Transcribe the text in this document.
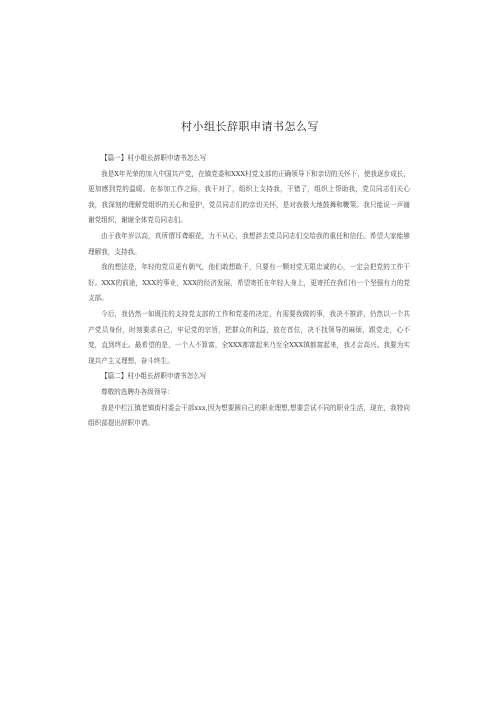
村小组长辞职申请书怎么写

【篇一】村小组长辞职申请书怎么写

我是X年光荣的加入中国共产党，在镇党委和XXX村党支部的正确领导下和亲切的关怀下，使我逐步成长，更加感到党的温暖。在参加工作之际，我干对了，组织上支持我，干错了，组织上帮助我，党员同志们关心我，我深刻的理解党组织的关心和爱护，党员同志们的亲切关怀，是对我极大地鼓舞和鞭策。我只能说一声谢谢党组织，谢谢全体党员同志们。

由于我年岁以高，真所谓耳聋眼花，力不从心，我想辞去党员同志们交给我的重任和信任。希望大家能够理解我，支持我。

我的想法是，年轻的党员更有朝气，他们敢想敢干，只要有一颗对党无限忠诚的心，一定会把党的工作干好。XXX的前途，XXX的事业，XXX的经济发展，希望寄托在年轻人身上，更寄托在我们有一个坚强有力的党支部。

今后，我仍然一如既往的支持党支部的工作和党委的决定，有需要我做的事，我决不推辞，仍然以一个共产党员身份，时刻要求自己，牢记党的宗旨，把群众的利益，放在首位，决不找领导的麻烦，跟党走，心不变，直到终止。最希望的是，一个人不算富，全XXX都富起来乃至全XXX镇都富起来，我才会高兴。我要为实现共产主义理想，奋斗终生。

【篇二】村小组长辞职申请书怎么写

尊敬的选聘办各级领导：

我是中栏江镇老镇街村委会干部xxx,因为想要圆自己的职业理想,想要尝试不同的职业生活，现在，我特向组织部提出辞职申请。
